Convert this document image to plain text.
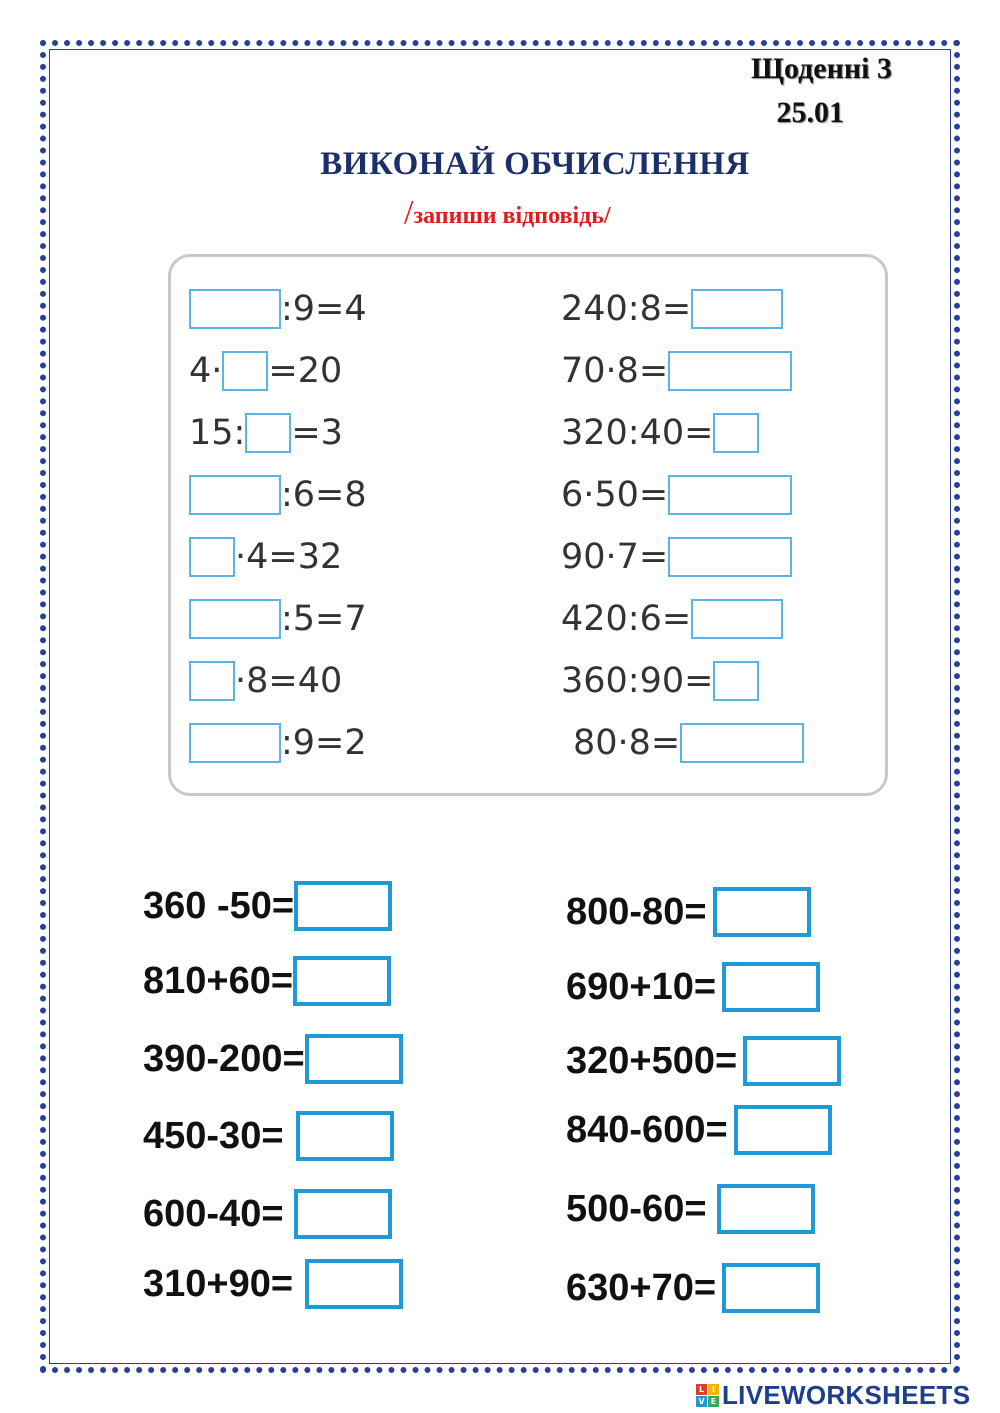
Щоденні 3
25.01
ВИКОНАЙ ОБЧИСЛЕННЯ
/запиши відповідь/
:9=4
4· =20
15: =3
:6=8
·4=32
:5=7
·8=40
:9=2
240:8=
70·8=
320:40=
6·50=
90·7=
420:6=
360:90=
80·8=
360 -50=
810+60=
390-200=
450-30=
600-40=
310+90=
800-80=
690+10=
320+500=
840-600=
500-60=
630+70=
L I
V E LIVEWORKSHEETS
